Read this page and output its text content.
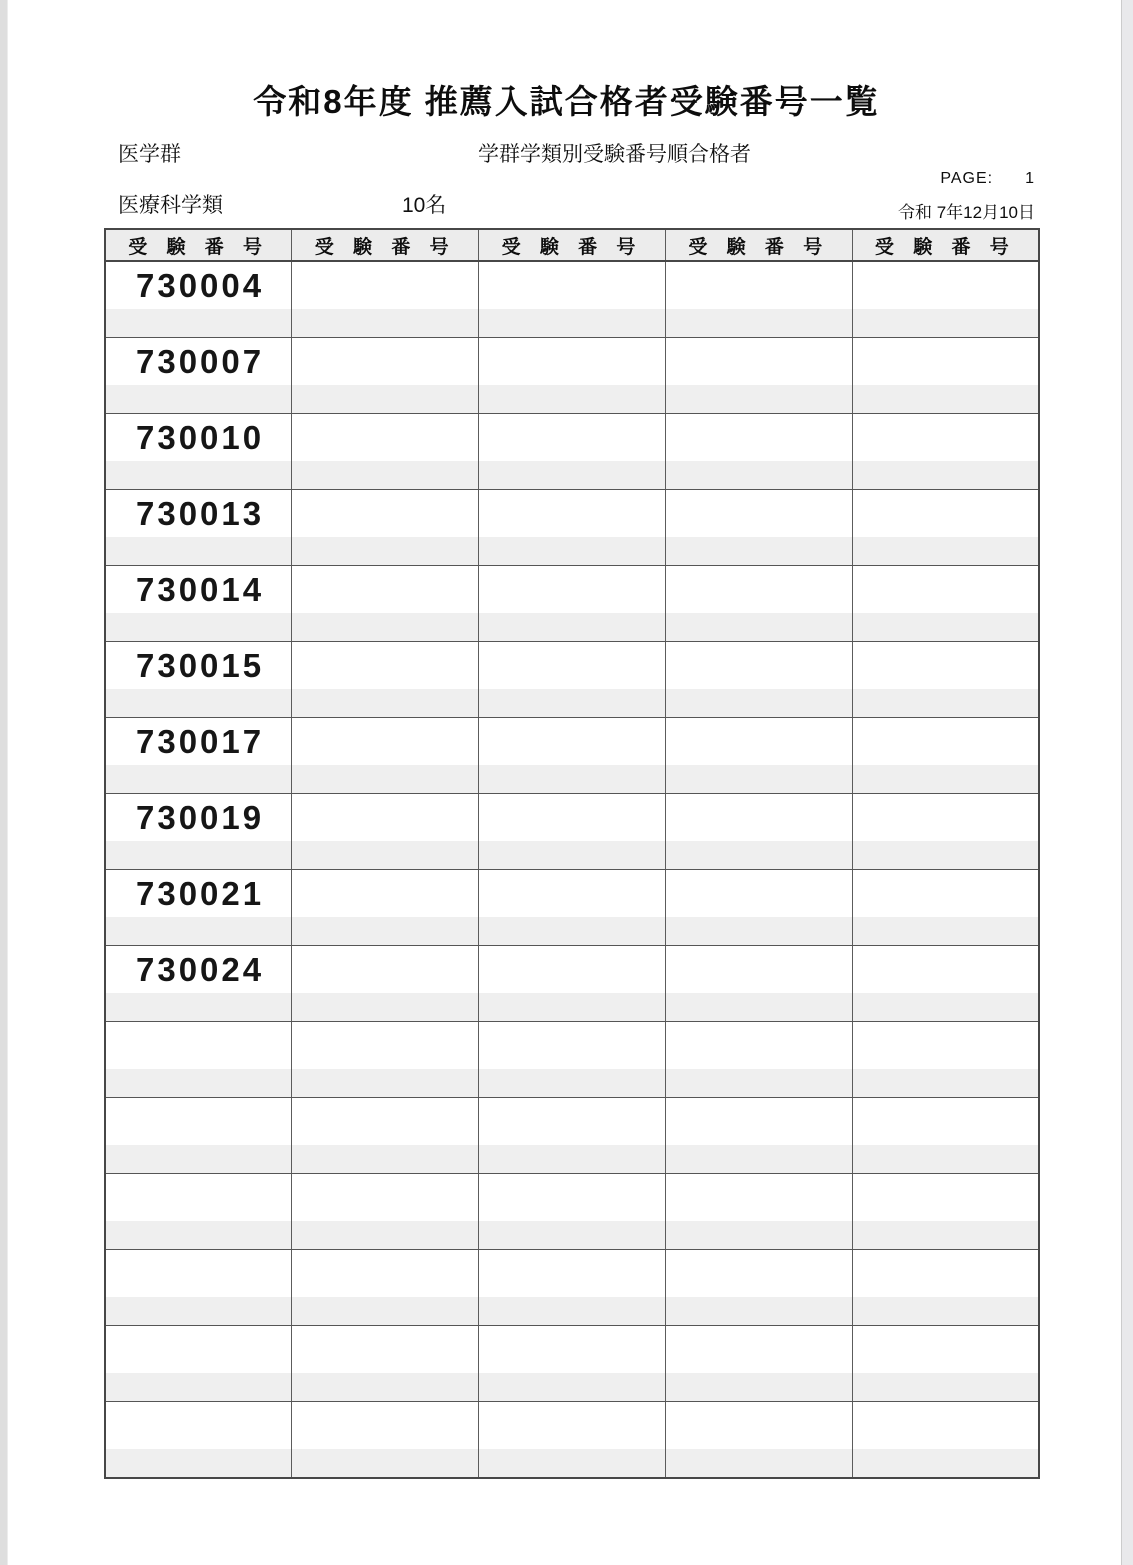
令和8年度 推薦入試合格者受験番号一覧
医学群	学群学類別受験番号順合格者
PAGE: 1
医療科学類	10名	令和 7年12月10日
受 験 番 号	受 験 番 号	受 験 番 号	受 験 番 号	受 験 番 号
730004				

730007				

730010				

730013				

730014				

730015				

730017				

730019				

730021				

730024				
